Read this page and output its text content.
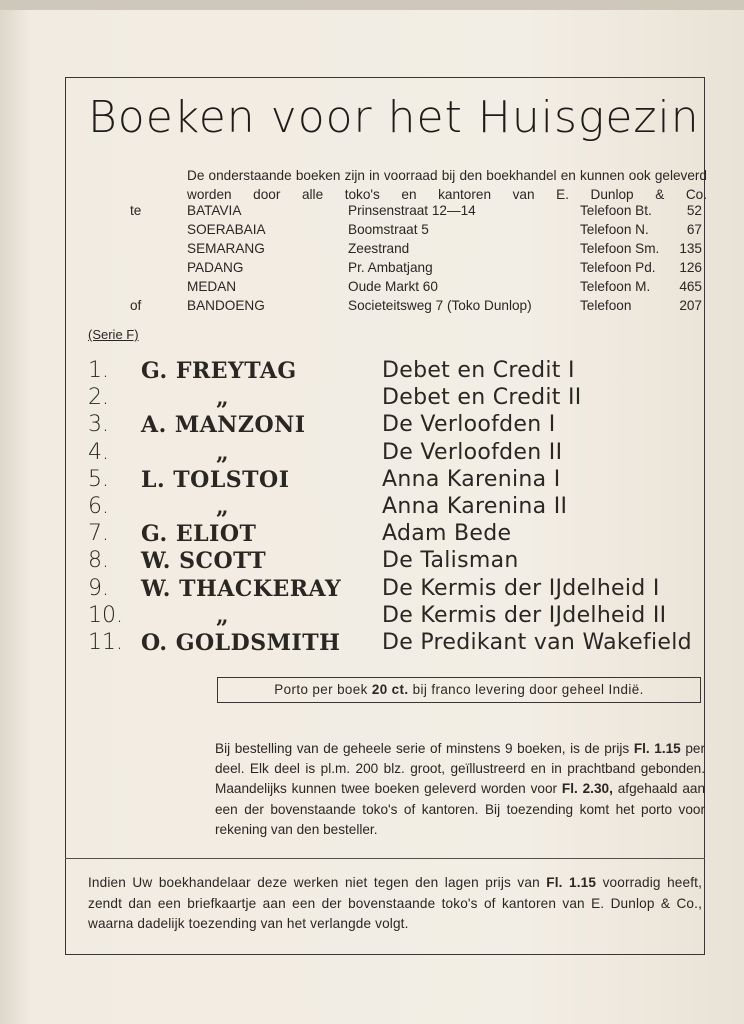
Boeken voor het Huisgezin
De onderstaande boeken zijn in voorraad bij den boekhandel en kunnen ook geleverd worden door alle toko's en kantoren van E. Dunlop & Co.
te	BATAVIA	Prinsenstraat 12—14	Telefoon Bt.	52
SOERABAIA	Boomstraat 5	Telefoon N.	67
SEMARANG	Zeestrand	Telefoon Sm. 135
PADANG	Pr. Ambatjang	Telefoon Pd. 126
MEDAN	Oude Markt 60	Telefoon M. 465
of	BANDOENG	Societeitsweg 7 (Toko Dunlop)	Telefoon	207
(Serie F)
1. G. FREYTAG	Debet en Credit I
2.	„	Debet en Credit II
3. A. MANZONI	De Verloofden I
4.	„	De Verloofden II
5. L. TOLSTOI	Anna Karenina I
6.	„	Anna Karenina II
7. G. ELIOT	Adam Bede
8. W. SCOTT	De Talisman
9. W. THACKERAY De Kermis der IJdelheid I
10.	„	De Kermis der IJdelheid II
11. O. GOLDSMITH De Predikant van Wakefield
Porto per boek 20 ct. bij franco levering door geheel Indië.
Bij bestelling van de geheele serie of minstens 9 boeken, is de prijs Fl. 1.15 per deel. Elk deel is pl.m. 200 blz. groot, geïllustreerd en in prachtband gebonden. Maandelijks kunnen twee boeken geleverd worden voor Fl. 2.30, afgehaald aan een der bovenstaande toko's of kantoren. Bij toezending komt het porto voor rekening van den besteller.
Indien Uw boekhandelaar deze werken niet tegen den lagen prijs van Fl. 1.15 voorradig heeft, zendt dan een briefkaartje aan een der bovenstaande toko's of kantoren van E. Dunlop & Co., waarna dadelijk toezending van het verlangde volgt.
